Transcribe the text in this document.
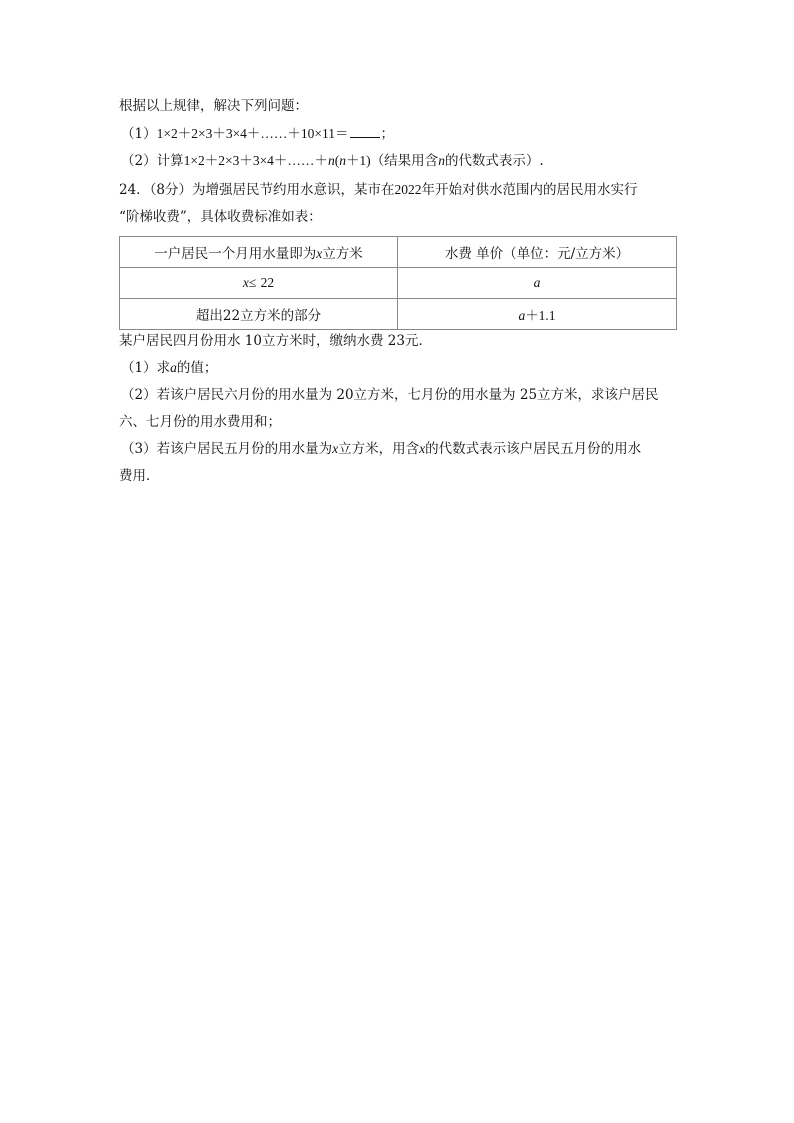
根据以上规律，解决下列问题：
（1）1×2＋2×3＋3×4＋……＋10×11＝ ；
（2）计算1×2＋2×3＋3×4＋……＋n(n＋1)（结果用含n的代数式表示）.
24．（8分）为增强居民节约用水意识，某市在2022年开始对供水范围内的居民用水实行
“阶梯收费”，具体收费标准如表：
一户居民一个月用水量即为x立方米	水费 单价（单位：元/立方米）
x≤ 22	a
超出22立方米的部分	a＋1.1
某户居民四月份用水 10立方米时，缴纳水费 23元．
（1）求a的值；
（2）若该户居民六月份的用水量为 20立方米，七月份的用水量为 25立方米，求该户居民
六、七月份的用水费用和；
（3）若该户居民五月份的用水量为x立方米，用含x的代数式表示该户居民五月份的用水
费用．
